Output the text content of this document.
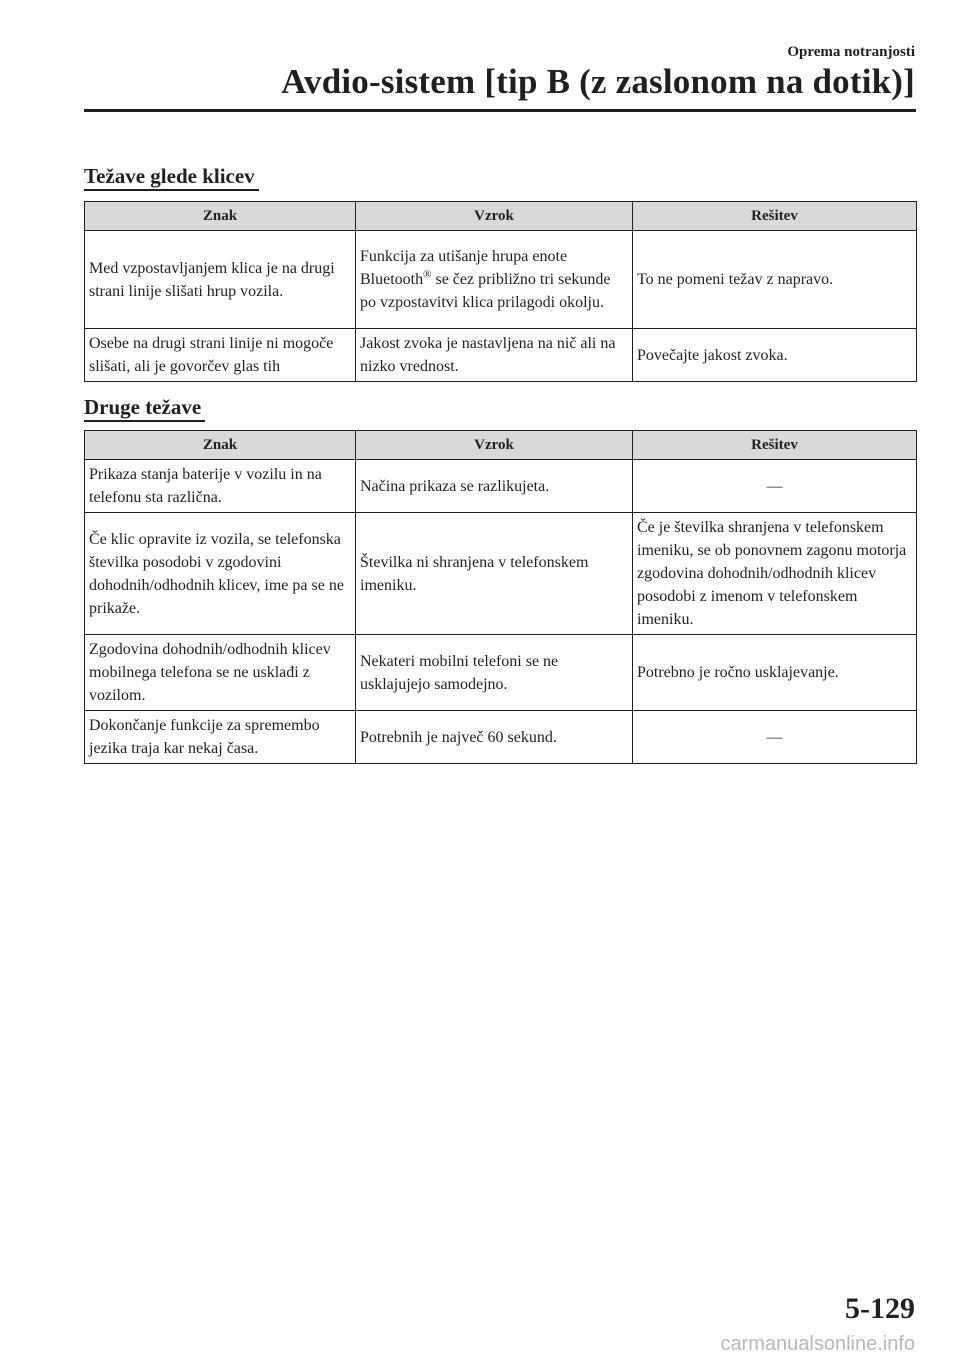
Oprema notranjosti
Avdio-sistem [tip B (z zaslonom na dotik)]
Težave glede klicev
Znak	Vzrok	Rešitev
Med vzpostavljanjem klica je na drugi strani linije slišati hrup vozila.	Funkcija za utišanje hrupa enote Bluetooth® se čez približno tri sekunde po vzpostavitvi klica prilagodi okolju.	To ne pomeni težav z napravo.
Osebe na drugi strani linije ni mogoče slišati, ali je govorčev glas tih	Jakost zvoka je nastavljena na nič ali na nizko vrednost.	Povečajte jakost zvoka.
Druge težave
Znak	Vzrok	Rešitev
Prikaza stanja baterije v vozilu in na telefonu sta različna.	Načina prikaza se razlikujeta.	—
Če klic opravite iz vozila, se telefonska številka posodobi v zgodovini dohodnih/odhodnih klicev, ime pa se ne prikaže.	Številka ni shranjena v telefonskem imeniku.	Če je številka shranjena v telefonskem imeniku, se ob ponovnem zagonu motorja zgodovina dohodnih/odhodnih klicev posodobi z imenom v telefonskem imeniku.
Zgodovina dohodnih/odhodnih klicev mobilnega telefona se ne usklađi z vozilom.	Nekateri mobilni telefoni se ne usklajujejo samodejno.	Potrebno je ročno usklajevanje.
Dokončanje funkcije za spremembo jezika traja kar nekaj časa.	Potrebnih je največ 60 sekund.	—
5-129
carmanualsonline.info
